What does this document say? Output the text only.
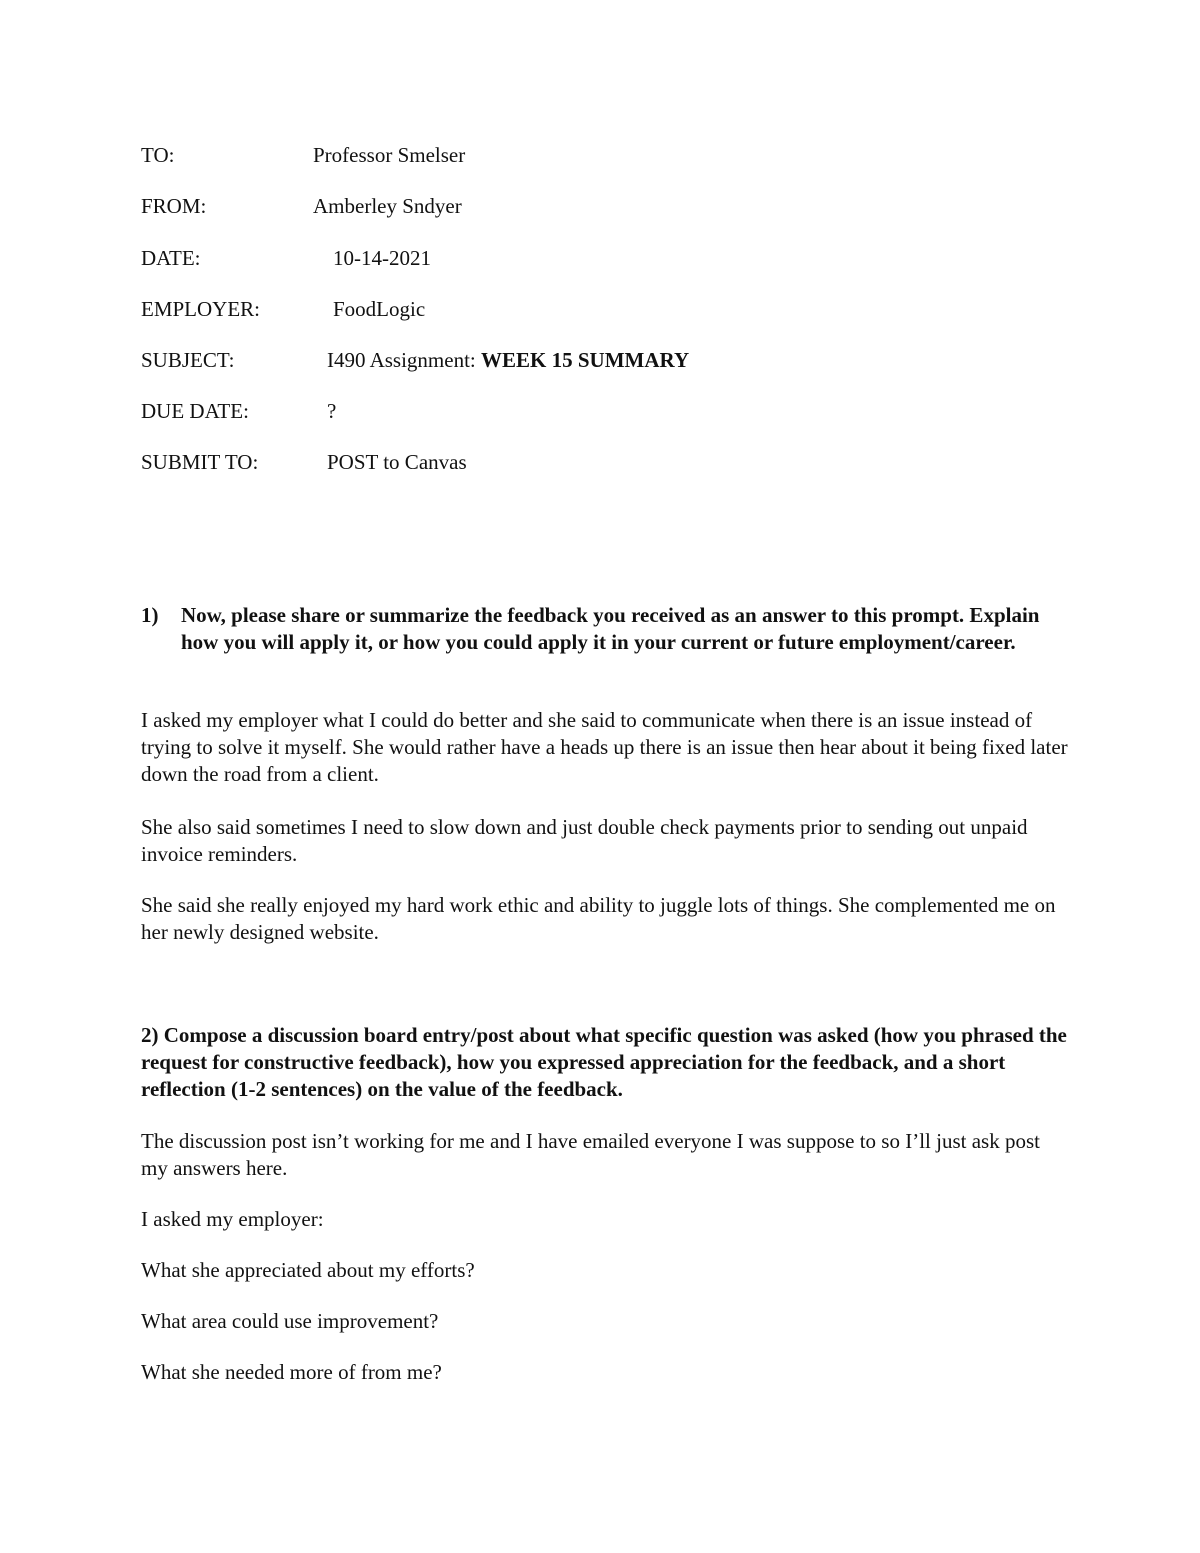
TO:	Professor Smelser
FROM:	Amberley Sndyer
DATE:	10-14-2021
EMPLOYER:	FoodLogic
SUBJECT:	I490 Assignment: WEEK 15 SUMMARY
DUE DATE:	?
SUBMIT TO:	POST to Canvas
1)	Now, please share or summarize the feedback you received as an answer to this prompt. Explain how you will apply it, or how you could apply it in your current or future employment/career.

I asked my employer what I could do better and she said to communicate when there is an issue instead of trying to solve it myself. She would rather have a heads up there is an issue then hear about it being fixed later down the road from a client.

She also said sometimes I need to slow down and just double check payments prior to sending out unpaid invoice reminders.

She said she really enjoyed my hard work ethic and ability to juggle lots of things. She complemented me on her newly designed website.

2) Compose a discussion board entry/post about what specific question was asked (how you phrased the request for constructive feedback), how you expressed appreciation for the feedback, and a short reflection (1-2 sentences) on the value of the feedback.

The discussion post isn’t working for me and I have emailed everyone I was suppose to so I’ll just ask post my answers here.

I asked my employer:

What she appreciated about my efforts?

What area could use improvement?

What she needed more of from me?
